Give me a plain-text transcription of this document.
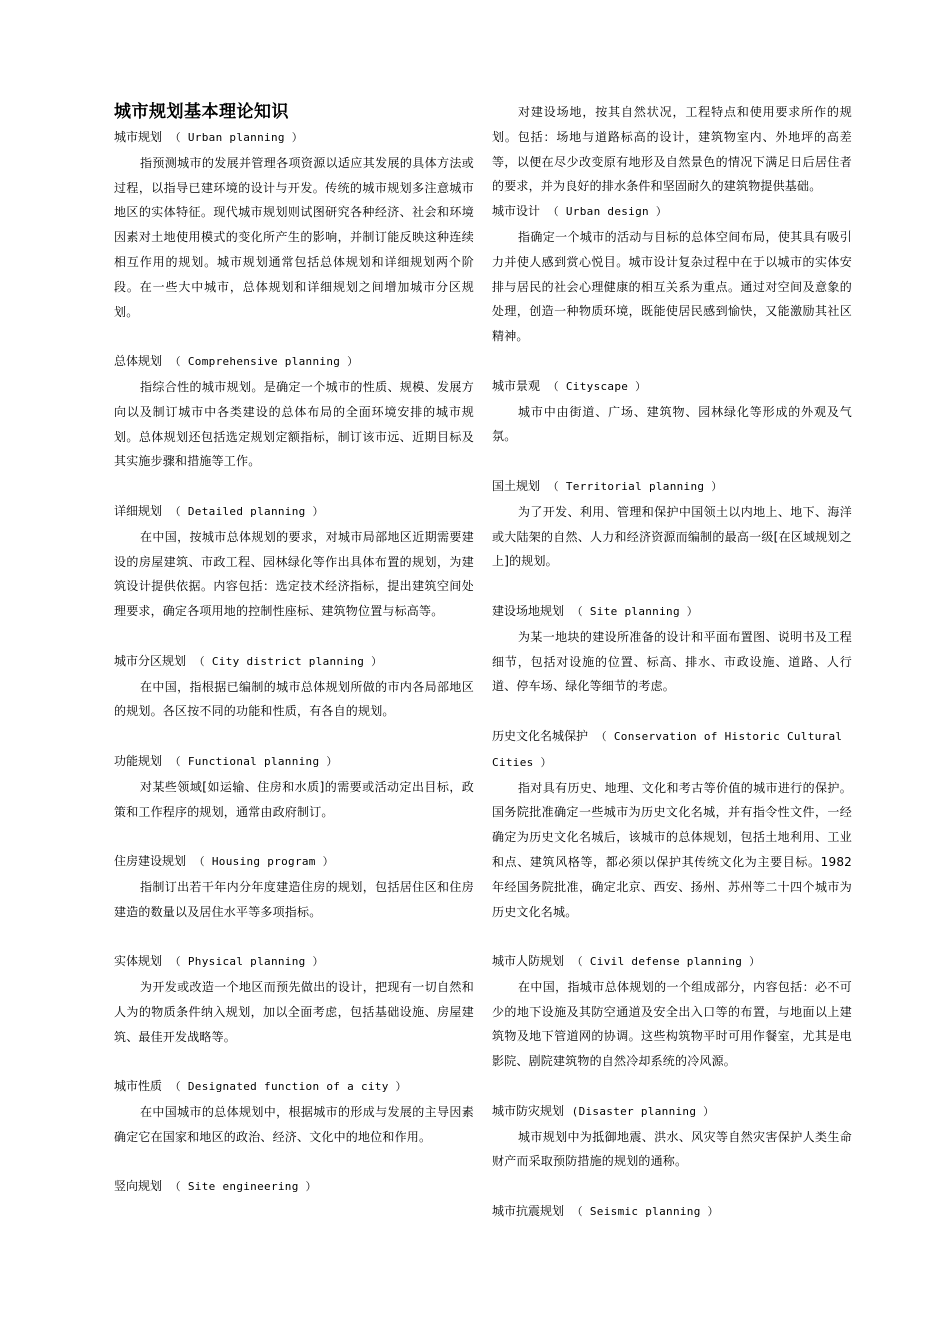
城市规划基本理论知识

城市规划 （ Urban planning ）

指预测城市的发展并管理各项资源以适应其发展的具体方法或过程，以指导已建环境的设计与开发。传统的城市规划多注意城市地区的实体特征。现代城市规划则试图研究各种经济、社会和环境因素对土地使用模式的变化所产生的影响，并制订能反映这种连续相互作用的规划。城市规划通常包括总体规划和详细规划两个阶段。在一些大中城市，总体规划和详细规划之间增加城市分区规划。

总体规划 （ Comprehensive planning ）

指综合性的城市规划。是确定一个城市的性质、规模、发展方向以及制订城市中各类建设的总体布局的全面环境安排的城市规划。总体规划还包括选定规划定额指标，制订该市远、近期目标及其实施步骤和措施等工作。

详细规划 （ Detailed planning ）

在中国，按城市总体规划的要求，对城市局部地区近期需要建设的房屋建筑、市政工程、园林绿化等作出具体布置的规划，为建筑设计提供依据。内容包括：选定技术经济指标，提出建筑空间处理要求，确定各项用地的控制性座标、建筑物位置与标高等。

城市分区规划 （ City district planning ）

在中国，指根据已编制的城市总体规划所做的市内各局部地区的规划。各区按不同的功能和性质，有各自的规划。

功能规划 （ Functional planning ）

对某些领域[如运输、住房和水质]的需要或活动定出目标，政策和工作程序的规划，通常由政府制订。

住房建设规划 （ Housing program ）

指制订出若干年内分年度建造住房的规划，包括居住区和住房建造的数量以及居住水平等多项指标。

实体规划 （ Physical planning ）

为开发或改造一个地区而预先做出的设计，把现有一切自然和人为的物质条件纳入规划，加以全面考虑，包括基础设施、房屋建筑、最佳开发战略等。

城市性质 （ Designated function of a city ）

在中国城市的总体规划中，根据城市的形成与发展的主导因素确定它在国家和地区的政治、经济、文化中的地位和作用。

竖向规划 （ Site engineering ）

对建设场地，按其自然状况，工程特点和使用要求所作的规划。包括：场地与道路标高的设计，建筑物室内、外地坪的高差等，以便在尽少改变原有地形及自然景色的情况下满足日后居住者的要求，并为良好的排水条件和坚固耐久的建筑物提供基础。

城市设计 （ Urban design ）

指确定一个城市的活动与目标的总体空间布局，使其具有吸引力并使人感到赏心悦目。城市设计复杂过程中在于以城市的实体安排与居民的社会心理健康的相互关系为重点。通过对空间及意象的处理，创造一种物质环境，既能使居民感到愉快，又能激励其社区精神。

城市景观 （ Cityscape ）

城市中由街道、广场、建筑物、园林绿化等形成的外观及气氛。

国土规划 （ Territorial planning ）

为了开发、利用、管理和保护中国领土以内地上、地下、海洋或大陆架的自然、人力和经济资源而编制的最高一级[在区域规划之上]的规划。

建设场地规划 （ Site planning ）

为某一地块的建设所准备的设计和平面布置图、说明书及工程细节，包括对设施的位置、标高、排水、市政设施、道路、人行道、停车场、绿化等细节的考虑。

历史文化名城保护 （ Conservation of Historic Cultural Cities ）

指对具有历史、地理、文化和考古等价值的城市进行的保护。国务院批准确定一些城市为历史文化名城，并有指令性文件，一经确定为历史文化名城后，该城市的总体规划，包括土地利用、工业和点、建筑风格等，都必须以保护其传统文化为主要目标。1982年经国务院批准，确定北京、西安、扬州、苏州等二十四个城市为历史文化名城。

城市人防规划 （ Civil defense planning ）

在中国，指城市总体规划的一个组成部分，内容包括：必不可少的地下设施及其防空通道及安全出入口等的布置，与地面以上建筑物及地下管道网的协调。这些构筑物平时可用作餐室，尤其是电影院、剧院建筑物的自然冷却系统的冷风源。

城市防灾规划 (Disaster planning ）

城市规划中为抵御地震、洪水、风灾等自然灾害保护人类生命财产而采取预防措施的规划的通称。

城市抗震规划 （ Seismic planning ）
